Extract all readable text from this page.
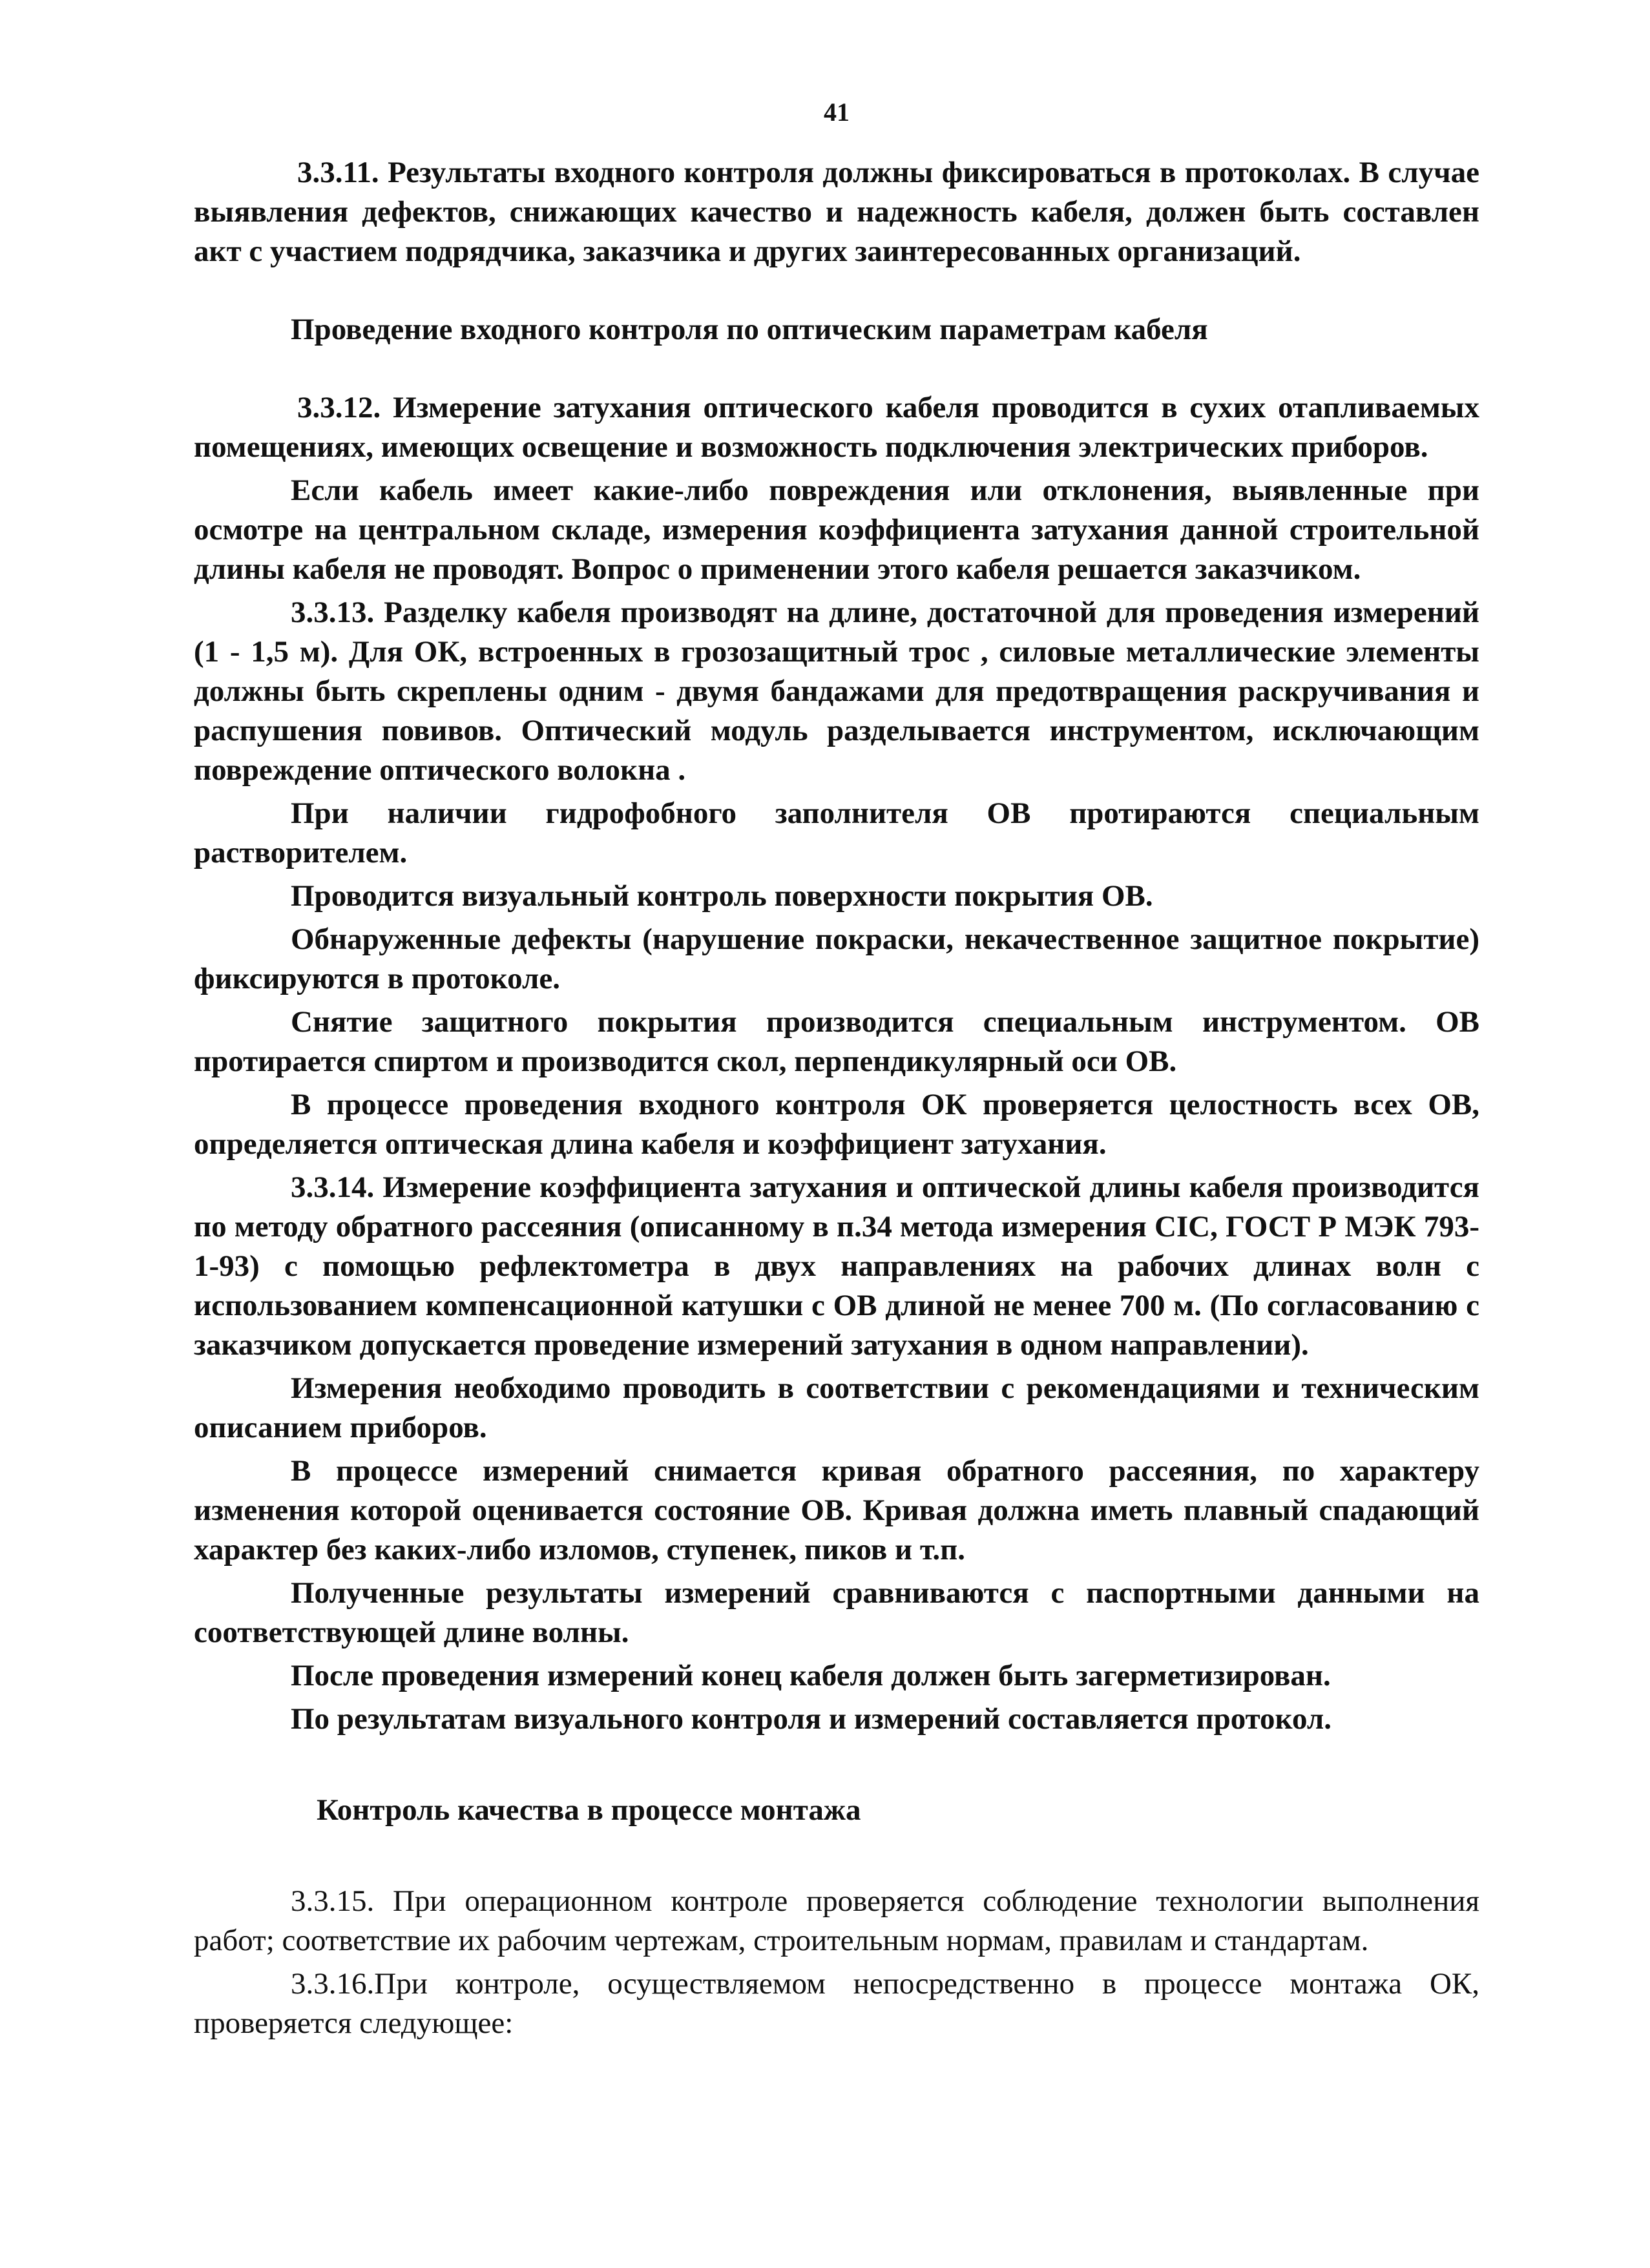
41

3.3.11. Результаты входного контроля должны фиксироваться в протоколах. В случае выявления дефектов, снижающих качество и надежность кабеля, должен быть составлен акт с участием подрядчика, заказчика и других заинтересованных организаций.

Проведение входного контроля по оптическим параметрам кабеля

3.3.12. Измерение затухания оптического кабеля проводится в сухих отапливаемых помещениях, имеющих освещение и возможность подключения электрических приборов.

Если кабель имеет какие-либо повреждения или отклонения, выявленные при осмотре на центральном складе, измерения коэффициента затухания данной строительной длины кабеля не проводят. Вопрос о применении этого кабеля решается заказчиком.

3.3.13. Разделку кабеля производят на длине, достаточной для проведения измерений (1 - 1,5 м). Для ОК, встроенных в грозозащитный трос , силовые металлические элементы должны быть скреплены одним - двумя бандажами для предотвращения раскручивания и распушения повивов. Оптический модуль разделывается инструментом, исключающим повреждение оптического волокна .

При наличии гидрофобного заполнителя ОВ протираются специальным растворителем.

Проводится визуальный контроль поверхности покрытия ОВ.

Обнаруженные дефекты (нарушение покраски, некачественное защитное покрытие) фиксируются в протоколе.

Снятие защитного покрытия производится специальным инструментом. ОВ протирается спиртом и производится скол, перпендикулярный оси ОВ.

В процессе проведения входного контроля ОК проверяется целостность всех ОВ, определяется оптическая длина кабеля и коэффициент затухания.

3.3.14. Измерение коэффициента затухания и оптической длины кабеля производится по методу обратного рассеяния (описанному в п.34 метода измерения CIC, ГОСТ Р МЭК 793-1-93) с помощью рефлектометра в двух направлениях на рабочих длинах волн с использованием компенсационной катушки с ОВ длиной не менее 700 м. (По согласованию с заказчиком допускается проведение измерений затухания в одном направлении).

Измерения необходимо проводить в соответствии с рекомендациями и техническим описанием приборов.

В процессе измерений снимается кривая обратного рассеяния, по характеру изменения которой оценивается состояние ОВ. Кривая должна иметь плавный спадающий характер без каких-либо изломов, ступенек, пиков и т.п.

Полученные результаты измерений сравниваются с паспортными данными на соответствующей длине волны.

После проведения измерений конец кабеля должен быть загерметизирован.

По результатам визуального контроля и измерений составляется протокол.

Контроль качества в процессе монтажа

3.3.15. При операционном контроле проверяется соблюдение технологии выполнения работ; соответствие их рабочим чертежам, строительным нормам, правилам и стандартам.

3.3.16.При контроле, осуществляемом непосредственно в процессе монтажа ОК, проверяется следующее:
